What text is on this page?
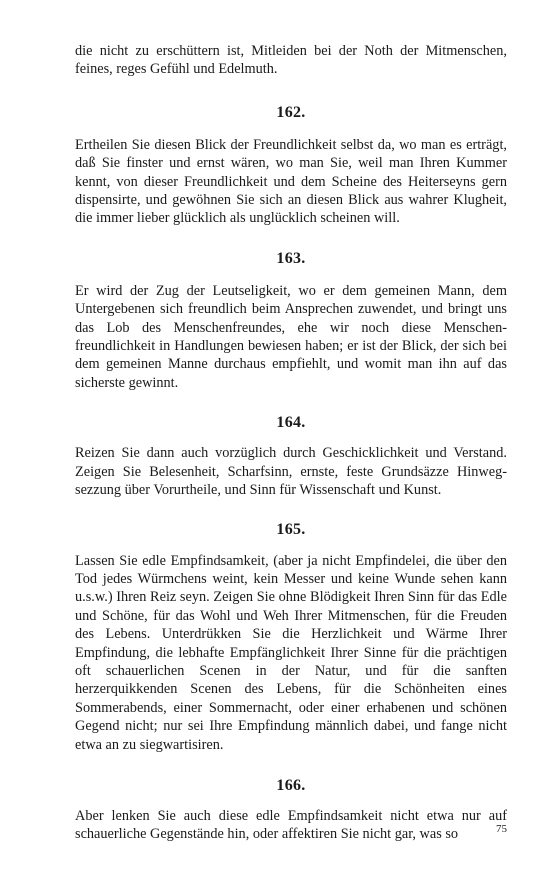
die nicht zu erschüttern ist, Mitleiden bei der Noth der Mitmenschen, feines, reges Gefühl und Edelmuth.

162.

Ertheilen Sie diesen Blick der Freundlichkeit selbst da, wo man es erträgt, daß Sie finster und ernst wären, wo man Sie, weil man Ihren Kummer kennt, von dieser Freundlichkeit und dem Scheine des Heiterseyns gern dispensirte, und gewöhnen Sie sich an diesen Blick aus wahrer Klugheit, die immer lieber glücklich als unglücklich scheinen will.

163.

Er wird der Zug der Leutseligkeit, wo er dem gemeinen Mann, dem Untergebenen sich freundlich beim Ansprechen zuwendet, und bringt uns das Lob des Menschenfreundes, ehe wir noch diese Menschenfreundlichkeit in Handlungen bewiesen haben; er ist der Blick, der sich bei dem gemeinen Manne durchaus empfiehlt, und womit man ihn auf das sicherste gewinnt.

164.

Reizen Sie dann auch vorzüglich durch Geschicklichkeit und Verstand. Zeigen Sie Belesenheit, Scharfsinn, ernste, feste Grundsäzze Hinwegsezzung über Vorurtheile, und Sinn für Wissenschaft und Kunst.

165.

Lassen Sie edle Empfindsamkeit, (aber ja nicht Empfindelei, die über den Tod jedes Würmchens weint, kein Messer und keine Wunde sehen kann u.s.w.) Ihren Reiz seyn. Zeigen Sie ohne Blödigkeit Ihren Sinn für das Edle und Schöne, für das Wohl und Weh Ihrer Mitmenschen, für die Freuden des Lebens. Unterdrükken Sie die Herzlichkeit und Wärme Ihrer Empfindung, die lebhafte Empfänglichkeit Ihrer Sinne für die prächtigen oft schauerlichen Scenen in der Natur, und für die sanften herzerquikkenden Scenen des Lebens, für die Schönheiten eines Sommerabends, einer Sommernacht, oder einer erhabenen und schönen Gegend nicht; nur sei Ihre Empfindung männlich dabei, und fange nicht etwa an zu siegwartisiren.

166.

Aber lenken Sie auch diese edle Empfindsamkeit nicht etwa nur auf schauerliche Gegenstände hin, oder affektiren Sie nicht gar, was so	75
